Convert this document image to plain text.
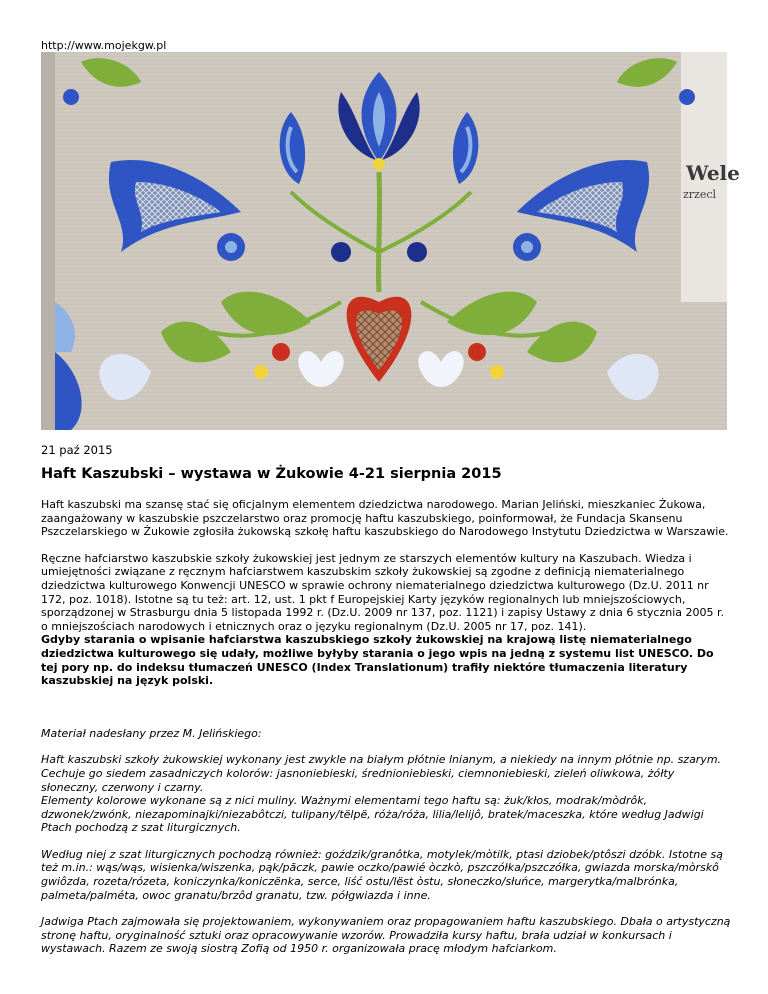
http://www.mojekgw.pl
Wele
zrzecl
21 paź 2015
Haft Kaszubski – wystawa w Żukowie 4-21 sierpnia 2015

Haft kaszubski ma szansę stać się oficjalnym elementem dziedzictwa narodowego. Marian Jeliński, mieszkaniec Żukowa, zaangażowany w kaszubskie pszczelarstwo oraz promocję haftu kaszubskiego, poinformował, że Fundacja Skansenu Pszczelarskiego w Żukowie zgłosiła żukowską szkołę haftu kaszubskiego do Narodowego Instytutu Dziedzictwa w Warszawie.

Ręczne hafciarstwo kaszubskie szkoły żukowskiej jest jednym ze starszych elementów kultury na Kaszubach. Wiedza i umiejętności związane z ręcznym hafciarstwem kaszubskim szkoły żukowskiej są zgodne z definicją niematerialnego dziedzictwa kulturowego Konwencji UNESCO w sprawie ochrony niematerialnego dziedzictwa kulturowego (Dz.U. 2011 nr 172, poz. 1018). Istotne są tu też: art. 12, ust. 1 pkt f Europejskiej Karty języków regionalnych lub mniejszościowych, sporządzonej w Strasburgu dnia 5 listopada 1992 r. (Dz.U. 2009 nr 137, poz. 1121) i zapisy Ustawy z dnia 6 stycznia 2005 r. o mniejszościach narodowych i etnicznych oraz o języku regionalnym (Dz.U. 2005 nr 17, poz. 141).

Gdyby starania o wpisanie hafciarstwa kaszubskiego szkoły żukowskiej na krajową listę niematerialnego dziedzictwa kulturowego się udały, możliwe byłyby starania o jego wpis na jedną z systemu list UNESCO. Do tej pory np. do indeksu tłumaczeń UNESCO (Index Translationum) trafiły niektóre tłumaczenia literatury kaszubskiej na język polski.

Materiał nadesłany przez M. Jelińskiego:

Haft kaszubski szkoły żukowskiej wykonany jest zwykle na białym płótnie lnianym, a niekiedy na innym płótnie np. szarym. Cechuje go siedem zasadniczych kolorów: jasnoniebieski, średnioniebieski, ciemnoniebieski, zieleń oliwkowa, żółty słoneczny, czerwony i czarny.

Elementy kolorowe wykonane są z nici muliny. Ważnymi elementami tego haftu są: żuk/kłos, modrak/mòdrôk, dzwonek/zwónk, niezapominajki/niezabôtczi, tulipany/tëlpë, róża/róża, lilia/lelijô, bratek/maceszka, które według Jadwigi Ptach pochodzą z szat liturgicznych.

Według niej z szat liturgicznych pochodzą również: goździk/granôtka, motylek/mòtilk, ptasi dziobek/ptôszi dzóbk. Istotne są też m.in.: wąs/wąs, wisienka/wiszenka, pąk/pãczk, pawie oczko/pawié òczkò, pszczółka/pszczółka, gwiazda morska/mòrskô gwiôzda, rozeta/rózeta, koniczynka/koniczënka, serce, liść ostu/lëst òstu, słoneczko/słuńce, margerytka/malbrónka, palmeta/palméta, owoc granatu/brzôd granatu, tzw. półgwiazda i inne.

Jadwiga Ptach zajmowała się projektowaniem, wykonywaniem oraz propagowaniem haftu kaszubskiego. Dbała o artystyczną stronę haftu, oryginalność sztuki oraz opracowywanie wzorów. Prowadziła kursy haftu, brała udział w konkursach i wystawach. Razem ze swoją siostrą Zofią od 1950 r. organizowała pracę młodym hafciarkom.
